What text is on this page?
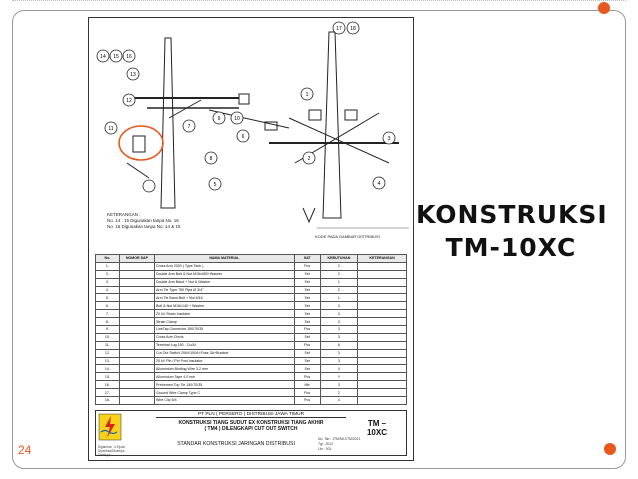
14 15 16
13
12
11
10
9
8
7
6
5	4
3
2
1
17 18
KETERANGAN :
No. 14 : 15 Digunakan tanpa No. 16
No. 16 Digunakan tanpa No. 14 & 15
KODE PADA GAMBAR DISTRIBUSI
No.	NOMOR SAP	NAMA MATERIAL	SAT	KEBUTUHAN	KETERANGAN
1.		Cross Arm 2000 ( Type Tank )	Pcs	2	
2.		Double Arm Bolt & Nut M16x450+Washer	Set	2	
3.		Double Arm Band + Nut & Washer	Set	1	
4.		Arm Tie Type 750 Pipa Ø 3/4"	Set	2	
5.		Arm Tie Band Bolt + Nut M16	Set	1	
6.		Bolt & Nut M16x140 + Washer	Set	3	
7.		20 kV Strain Insulator	Set	3	
8.		Strain Clamp	Set	3	
9.		LineTap Connector 150/70/35	Pcs	3	
10.		Cross Arm Clevis	Set	3	
11.		Terminal Lug 150 - Cu/Al	Pcs	6	
12.		Cut Out Switch 20kV/100A+Fuse 3A+Bracket	Set	3	
13.		20 kV Pin / Pin Post Insulator	Set	3	
14.		Alluminium Binding Wire 3.2 mm	Set	X	
15.		Alluminium Tape 4.0 mm	Pcs	Y	
16.		Preformed Top Tie 150/70/35	Mtr	3	
17.		Ground Wire Clamp Type C	Pcs	2	
18.		Wire Clip 6/4	Pcs	4	
Digambar : Ir.Djoko
Diperiksa/Disetujui :
Disetujui :
PT PLN ( PERSERO ) DISTRIBUSI JAWA TIMUR
KONSTRUKSI TIANG SUDUT EX KONSTRUKSI TIANG AKHIR
( TM4 ) DILENGKAPI CUT OUT SWITCH
STANDAR KONSTRUKSI JARINGAN DISTRIBUSI
No. Tsb : JTM/SKJ/TM/2021
Tgl : 2012
Lbr : 001
TM –
10XC
KONSTRUKSI
TM-10XC
24
